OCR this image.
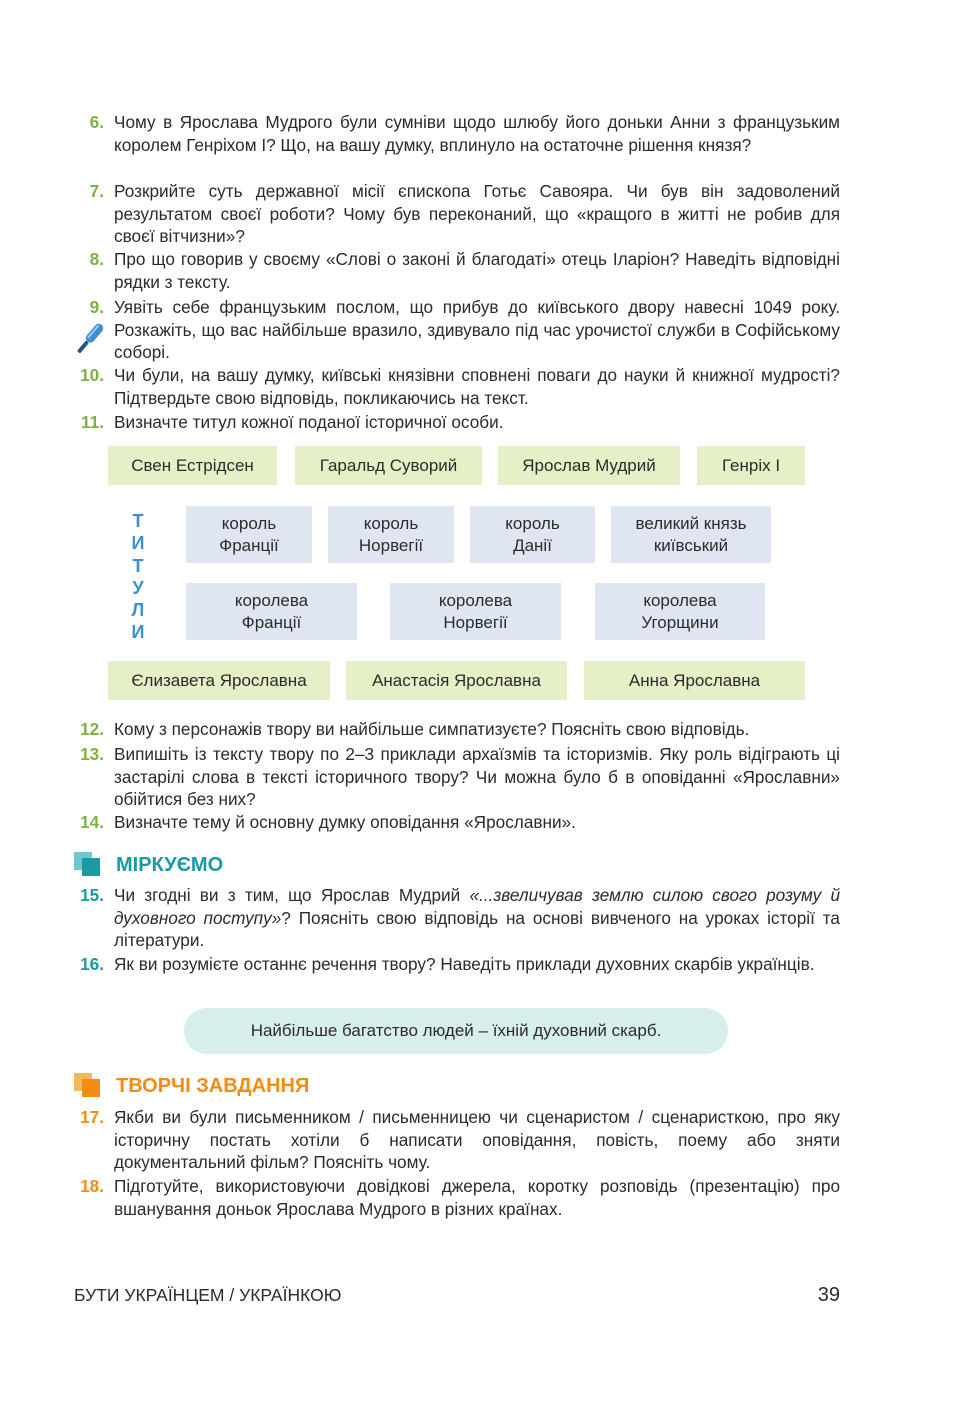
6. Чому в Ярослава Мудрого були сумніви щодо шлюбу його доньки Анни з французьким королем Генріхом І? Що, на вашу думку, вплинуло на остаточне рішення князя?
7. Розкрийте суть державної місії єпископа Готьє Савояра. Чи був він задоволений результатом своєї роботи? Чому був переконаний, що «кращого в житті не робив для своєї вітчизни»?
8. Про що говорив у своєму «Слові о законі й благодаті» отець Іларіон? Наведіть відповідні рядки з тексту.
9. Уявіть себе французьким послом, що прибув до київського двору навесні 1049 року. Розкажіть, що вас найбільше вразило, здивувало під час урочистої служби в Софійському соборі.
10. Чи були, на вашу думку, київські князівни сповнені поваги до науки й книжної мудрості? Підтвердьте свою відповідь, покликаючись на текст.
11. Визначте титул кожної поданої історичної особи.
Свен Естрідсен	Гаральд Суворий	Ярослав Мудрий	Генріх І
Т
И
Т
У
Л
И
король
Франції
король
Норвегії
король
Данії
великий князь
київський
королева
Франції
королева
Норвегії
королева
Угорщини
Єлизавета Ярославна	Анастасія Ярославна	Анна Ярославна
12. Кому з персонажів твору ви найбільше симпатизуєте? Поясніть свою відповідь.
13. Випишіть із тексту твору по 2–3 приклади архаїзмів та історизмів. Яку роль відіграють ці застарілі слова в тексті історичного твору? Чи можна було б в оповіданні «Ярославни» обійтися без них?
14. Визначте тему й основну думку оповідання «Ярославни».
МІРКУЄМО
15. Чи згодні ви з тим, що Ярослав Мудрий «...звеличував землю силою свого розуму й духовного поступу»? Поясніть свою відповідь на основі вивченого на уроках історії та літератури.
16. Як ви розумієте останнє речення твору? Наведіть приклади духовних скарбів українців.
Найбільше багатство людей – їхній духовний скарб.
ТВОРЧІ ЗАВДАННЯ
17. Якби ви були письменником / письменницею чи сценаристом / сценаристкою, про яку історичну постать хотіли б написати оповідання, повість, поему або зняти документальний фільм? Поясніть чому.
18. Підготуйте, використовуючи довідкові джерела, коротку розповідь (презентацію) про вшанування доньок Ярослава Мудрого в різних країнах.
БУТИ УКРАЇНЦЕМ / УКРАЇНКОЮ	39
